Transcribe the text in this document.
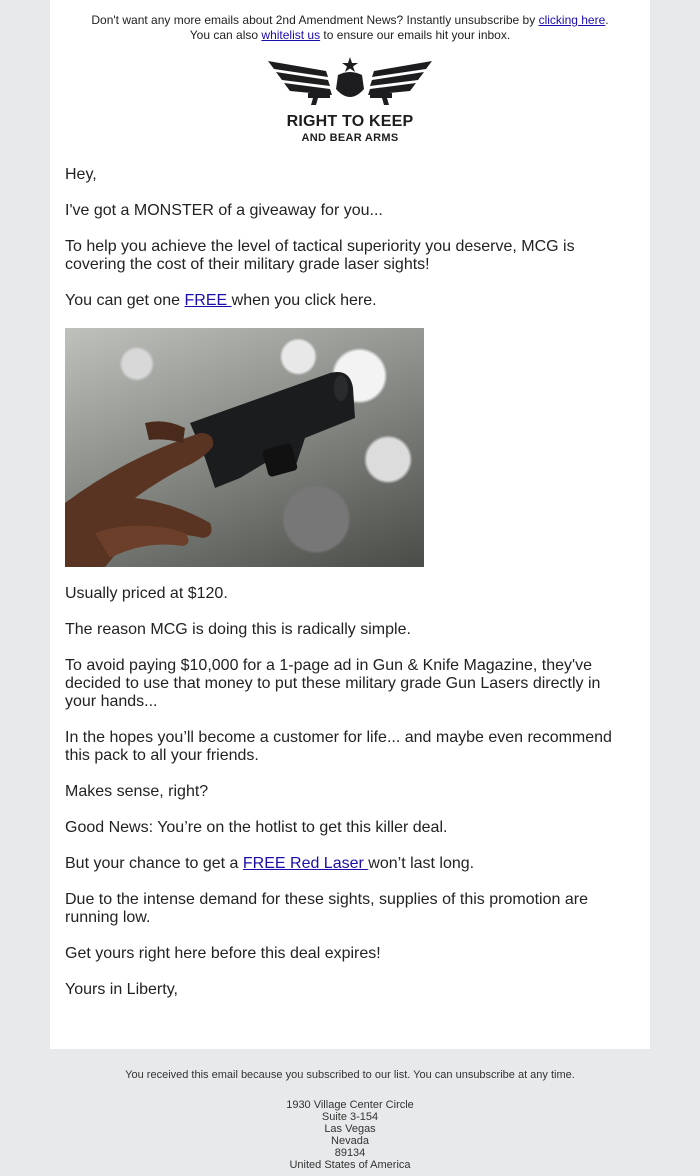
Don't want any more emails about 2nd Amendment News? Instantly unsubscribe by clicking here.
You can also whitelist us to ensure our emails hit your inbox.
RIGHT TO KEEP
AND BEAR ARMS

Hey,

I've got a MONSTER of a giveaway for you...

To help you achieve the level of tactical superiority you deserve, MCG is covering the cost of their military grade laser sights!

You can get one FREE when you click here.

Usually priced at $120.

The reason MCG is doing this is radically simple.

To avoid paying $10,000 for a 1-page ad in Gun & Knife Magazine, they've decided to use that money to put these military grade Gun Lasers directly in your hands...

In the hopes you’ll become a customer for life... and maybe even recommend this pack to all your friends.

Makes sense, right?

Good News: You’re on the hotlist to get this killer deal.

But your chance to get a FREE Red Laser won’t last long.

Due to the intense demand for these sights, supplies of this promotion are running low.

Get yours right here before this deal expires!

Yours in Liberty,

You received this email because you subscribed to our list. You can unsubscribe at any time.
1930 Village Center Circle
Suite 3-154
Las Vegas
Nevada
89134
United States of America
